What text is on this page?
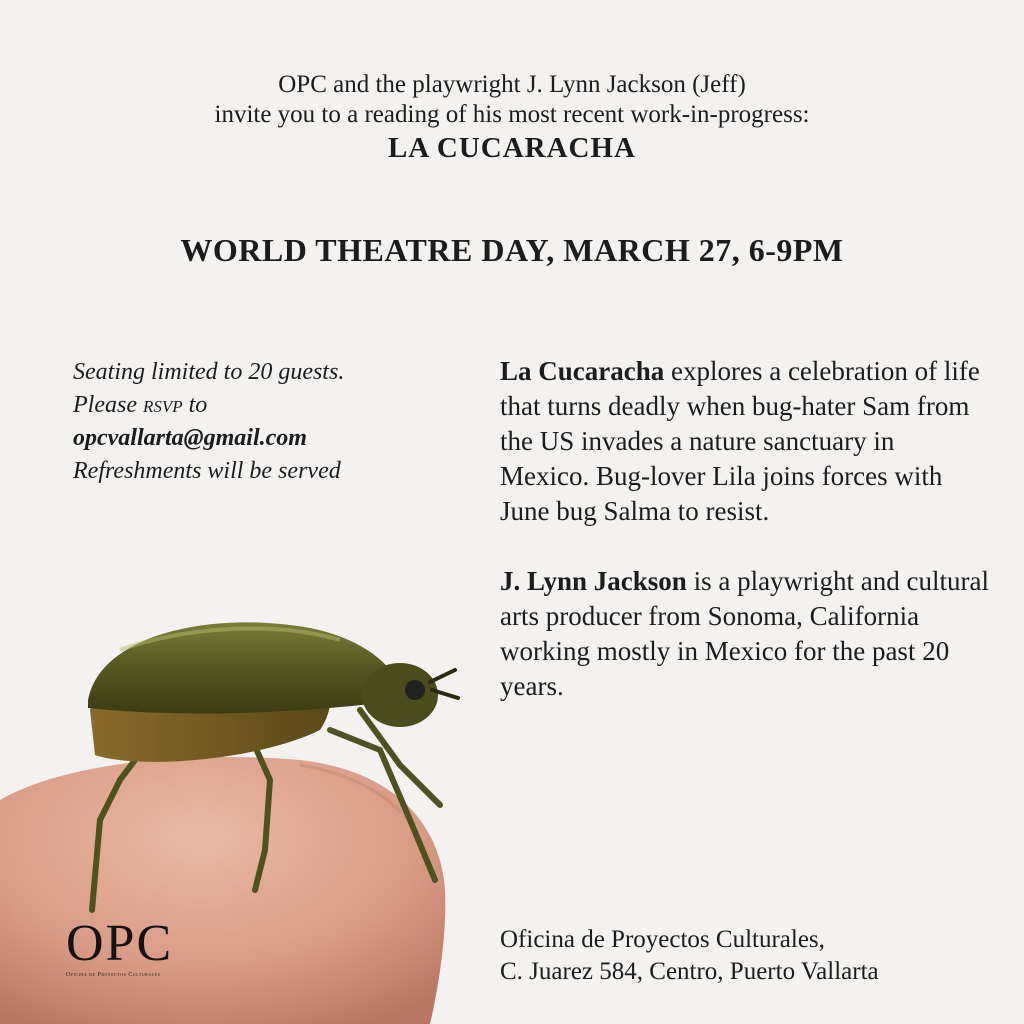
OPC and the playwright J. Lynn Jackson (Jeff)
invite you to a reading of his most recent work-in-progress:
LA CUCARACHA
WORLD THEATRE DAY, MARCH 27, 6-9PM
Seating limited to 20 guests.
Please rsvp to
opcvallarta@gmail.com
Refreshments will be served

La Cucaracha explores a celebration of life that turns deadly when bug-hater Sam from the US invades a nature sanctuary in Mexico. Bug-lover Lila joins forces with June bug Salma to resist.

J. Lynn Jackson is a playwright and cultural arts producer from Sonoma, California working mostly in Mexico for the past 20 years.

OPC
Oficina de Proyectos Culturales
Oficina de Proyectos Culturales,
C. Juarez 584, Centro, Puerto Vallarta
